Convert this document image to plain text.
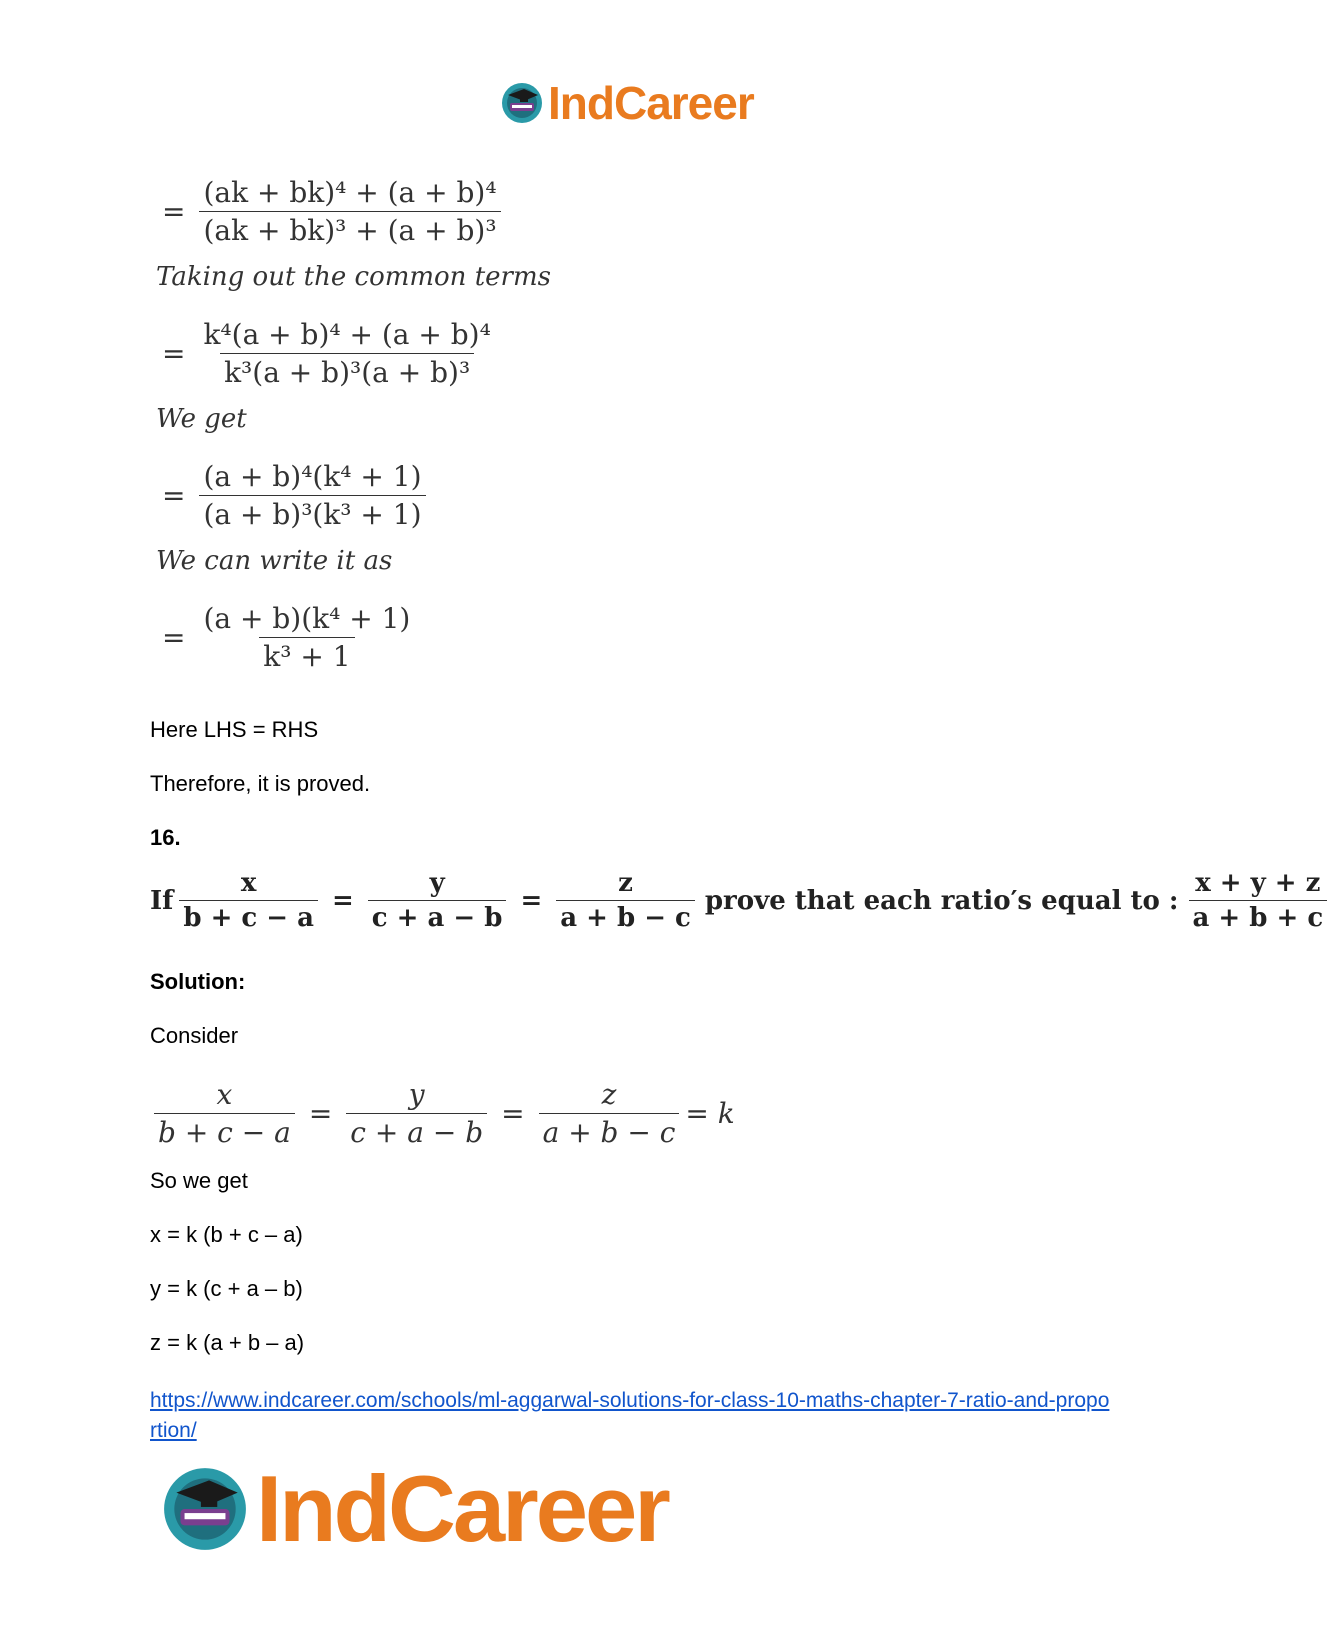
IndCareer
= $\frac{\text{(ak + bk)⁴ + (a + b)⁴}}{\text{(ak + bk)³ + (a + b)³}}$
Taking out the common terms
= $\frac{\text{k⁴(a + b)⁴ + (a + b)⁴}}{\text{k³(a + b)³(a + b)³}}$
We get
= $\frac{\text{(a + b)⁴(k⁴ + 1)}}{\text{(a + b)³(k³ + 1)}}$
We can write it as
= $\frac{\text{(a + b)(k⁴ + 1)}}{\text{k³ + 1}}$
Here LHS = RHS
Therefore, it is proved.
16.
If $\frac{x}{b + c - a} = \frac{y}{c + a - b} = \frac{z}{a + b - c}$ prove that each ratio′s equal to : $\frac{x + y + z}{a + b + c}$
Solution:
Consider
$\frac{x}{b + c - a} = \frac{y}{c + a - b} = \frac{z}{a + b - c} = k$
So we get
x = k (b + c – a)
y = k (c + a – b)
z = k (a + b – a)
https://www.indcareer.com/schools/ml-aggarwal-solutions-for-class-10-maths-chapter-7-ratio-and-proportion/
IndCareer
